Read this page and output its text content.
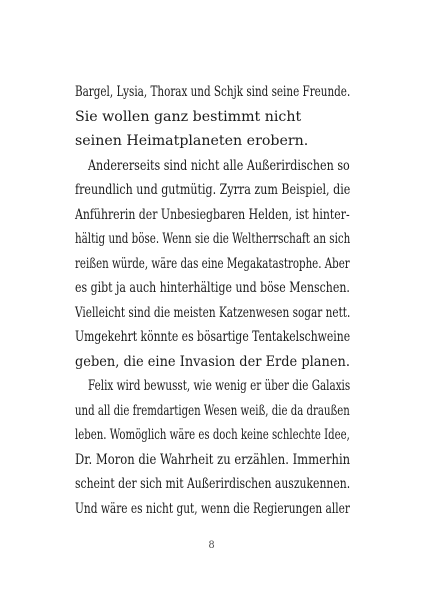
Bargel, Lysia, Thorax und Schjk sind seine Freunde.
Sie wollen ganz bestimmt nicht
seinen Heimatplaneten erobern.
Andererseits sind nicht alle Außerirdischen so
freundlich und gutmütig. Zyrra zum Beispiel, die
Anführerin der Unbesiegbaren Helden, ist hinter-
hältig und böse. Wenn sie die Weltherrschaft an sich
reißen würde, wäre das eine Megakatastrophe. Aber
es gibt ja auch hinterhältige und böse Menschen.
Vielleicht sind die meisten Katzenwesen sogar nett.
Umgekehrt könnte es bösartige Tentakelschweine
geben, die eine Invasion der Erde planen.
Felix wird bewusst, wie wenig er über die Galaxis
und all die fremdartigen Wesen weiß, die da draußen
leben. Womöglich wäre es doch keine schlechte Idee,
Dr. Moron die Wahrheit zu erzählen. Immerhin
scheint der sich mit Außerirdischen auszukennen.
Und wäre es nicht gut, wenn die Regierungen aller
8
